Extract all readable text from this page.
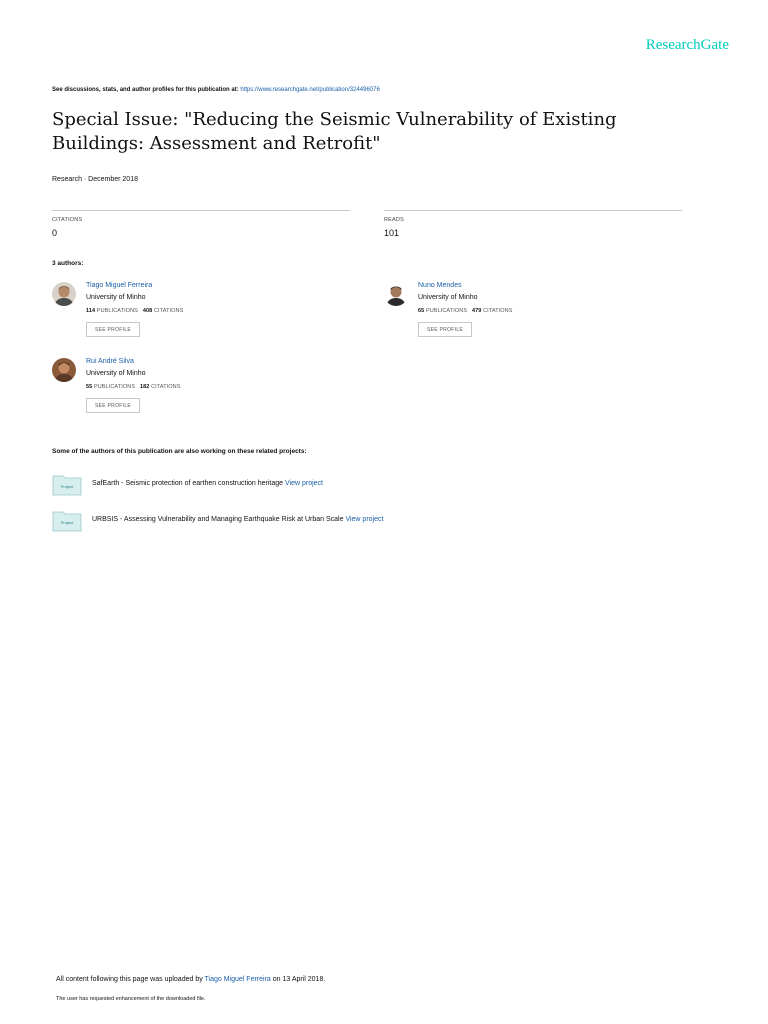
ResearchGate
See discussions, stats, and author profiles for this publication at: https://www.researchgate.net/publication/324496076
Special Issue: "Reducing the Seismic Vulnerability of Existing Buildings: Assessment and Retrofit"
Research · December 2018
CITATIONS
0
READS
101
3 authors:
Tiago Miguel Ferreira
University of Minho
114 PUBLICATIONS 408 CITATIONS
SEE PROFILE
Nuno Mendes
University of Minho
65 PUBLICATIONS 479 CITATIONS
SEE PROFILE
Rui André Silva
University of Minho
55 PUBLICATIONS 182 CITATIONS
SEE PROFILE
Some of the authors of this publication are also working on these related projects:
Project	SafEarth - Seismic protection of earthen construction heritage View project
Project	URBSIS - Assessing Vulnerability and Managing Earthquake Risk at Urban Scale View project
All content following this page was uploaded by Tiago Miguel Ferreira on 13 April 2018.
The user has requested enhancement of the downloaded file.
